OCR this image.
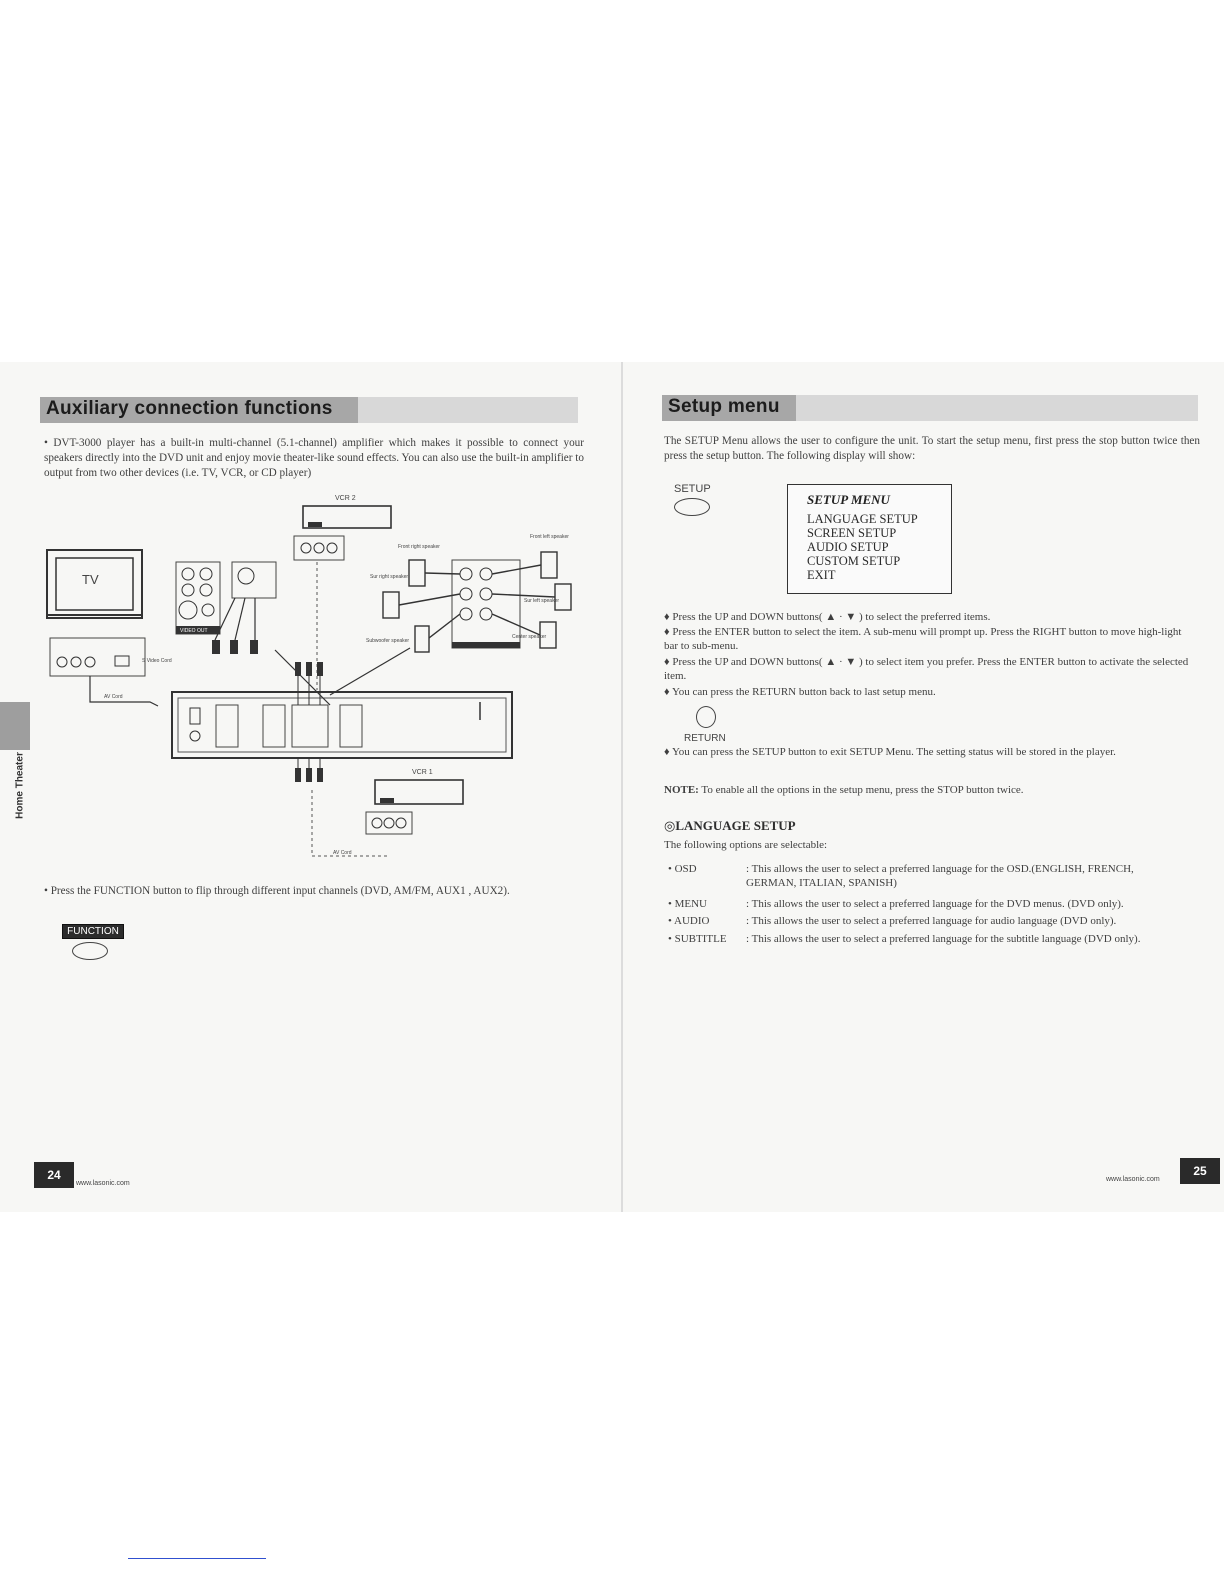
Auxiliary connection functions
• DVT-3000 player has a built-in multi-channel (5.1-channel) amplifier which makes it possible to connect your speakers directly into the DVD unit and enjoy movie theater-like sound effects. You can also use the built-in amplifier to output from two other devices (i.e. TV, VCR, or CD player)
TV
S Video Cord
VIDEO OUT
VCR 2
Front right speaker
Front left speaker
Sur right speaker
Sur left speaker
Subwoofer speaker
Center speaker
AV Cord
VCR 1
AV Cord
• Press the FUNCTION button to flip through different input channels (DVD, AM/FM, AUX1 , AUX2).
FUNCTION
Home Theater
24
www.lasonic.com
Setup menu
The SETUP Menu allows the user to configure the unit. To start the setup menu, first press the stop button twice then press the setup button. The following display will show:
SETUP
SETUP MENU
LANGUAGE SETUP
SCREEN SETUP
AUDIO SETUP
CUSTOM SETUP
EXIT
♦ Press the UP and DOWN buttons( ▲ · ▼ ) to select the preferred items.
♦ Press the ENTER button to select the item. A sub-menu will prompt up. Press the RIGHT button to move high-light bar to sub-menu.
♦ Press the UP and DOWN buttons( ▲ · ▼ ) to select item you prefer. Press the ENTER button to activate the selected item.
♦ You can press the RETURN button back to last setup menu.
RETURN
♦ You can press the SETUP button to exit SETUP Menu. The setting status will be stored in the player.
NOTE: To enable all the options in the setup menu, press the STOP button twice.
◎LANGUAGE SETUP
The following options are selectable:
• OSD	: This allows the user to select a preferred language for the OSD.(ENGLISH, FRENCH, GERMAN, ITALIAN, SPANISH)
• MENU	: This allows the user to select a preferred language for the DVD menus. (DVD only).
• AUDIO	: This allows the user to select a preferred language for audio language (DVD only).
• SUBTITLE	: This allows the user to select a preferred language for the subtitle language (DVD only).
www.lasonic.com
25
